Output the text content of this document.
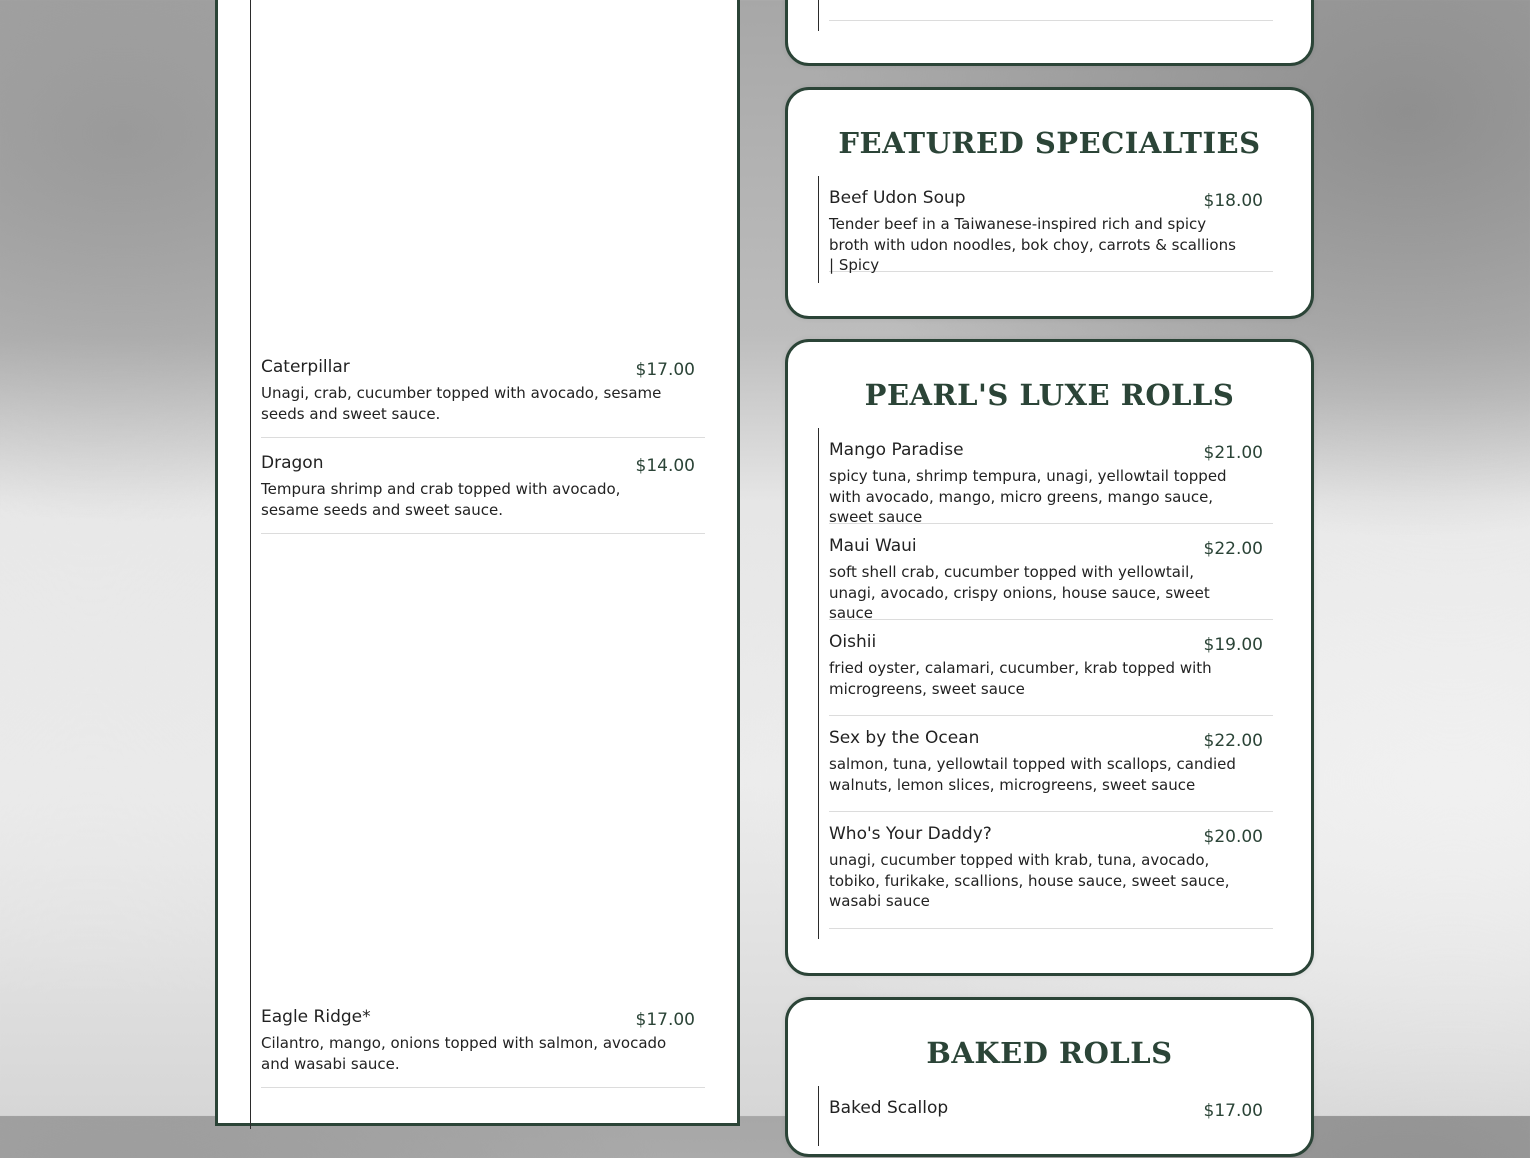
Caterpillar	$17.00
Unagi, crab, cucumber topped with avocado, sesame seeds and sweet sauce.
Dragon	$14.00
Tempura shrimp and crab topped with avocado, sesame seeds and sweet sauce.
Eagle Ridge*	$17.00
Cilantro, mango, onions topped with salmon, avocado and wasabi sauce.
FEATURED SPECIALTIES
Beef Udon Soup	$18.00
Tender beef in a Taiwanese-inspired rich and spicy broth with udon noodles, bok choy, carrots & scallions | Spicy
PEARL'S LUXE ROLLS
Mango Paradise	$21.00
spicy tuna, shrimp tempura, unagi, yellowtail topped with avocado, mango, micro greens, mango sauce, sweet sauce
Maui Waui	$22.00
soft shell crab, cucumber topped with yellowtail, unagi, avocado, crispy onions, house sauce, sweet sauce
Oishii	$19.00
fried oyster, calamari, cucumber, krab topped with microgreens, sweet sauce
Sex by the Ocean	$22.00
salmon, tuna, yellowtail topped with scallops, candied walnuts, lemon slices, microgreens, sweet sauce
Who's Your Daddy?	$20.00
unagi, cucumber topped with krab, tuna, avocado, tobiko, furikake, scallions, house sauce, sweet sauce, wasabi sauce
BAKED ROLLS
Baked Scallop	$17.00
